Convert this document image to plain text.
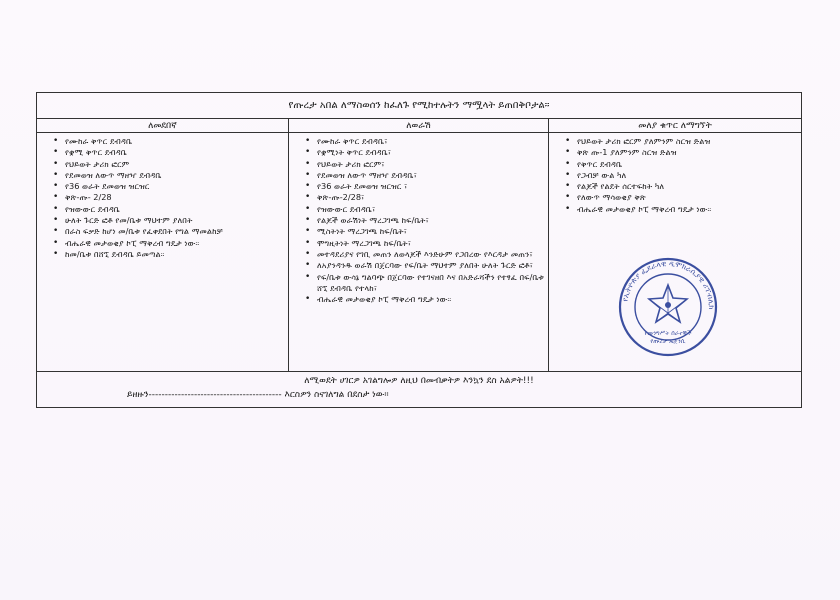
የጡረታ አበል ለማስወሰን ከፈለጉ የሚከተሉትን ማሟላት ይጠበቅቦታል።
ለመደበኛ
• የሙከራ ቅጥር ደብዳቤ
• የቋሚ ቅጥር ደብዳቤ
• የህይወት ታሪክ ፎርም
• የደመወዝ ለውጥ ማዘዣ ደብዳቤ
• የ36 ወራት ደመወዝ ዝርዝር
• ቅጽ-ጡ- 2/28
• የዝውውር ደብዳቤ
• ሁለት ጉርድ ፎቶ የመ/ቤቱ ማህተም ያለበት
• በራስ ፍቃድ ከሆነ መ/ቤቱ የፈቀደበት የግል ማመልከቻ
• ብሔራዊ መታወቂያ ኮፒ ማቅረብ ግዴታ ነው።
• ከመ/ቤቱ በሸኚ ደብዳቤ ይመጣል።
ለወራሽ
• የሙከራ ቅጥር ደብዳቤ፣
• የቋሚነት ቅጥር ደብዳቤ፣
• የህይወት ታሪክ ፎርም፣
• የደመወዝ ለውጥ ማዘዣ ደብዳቤ፣
• የ36 ወራት ደመወዝ ዝርዝር ፣
• ቅጽ-ጡ-2/28፣
• የዝውውር ደብዳቤ፣
• የልጆች ወራሽነት ማረጋገጫ ከፍ/ቤት፣
• ሚስትነት ማረጋገጫ ከፍ/ቤት፣
• ሞግዚትነት ማረጋገጫ ከፍ/ቤት፣
• መተዳደሪያና የገቢ መጠን ለወላጆች እንድሁም የጋበረው የእርዳታ መጠን፣
• ለአያንዳንዱ ወራሽ በጀርባው የፍ/ቤት ማህተም ያለበት ሁለት ጉርድ ፎቶ፣
• የፍ/ቤቱ ውሳኔ ግልባጭ በጀርባው የተገናዘበ እና በአድራሻችን የተፃፈ በፍ/ቤቱ ሸኚ ደብዳቤ የተላከ፣
• ብሔራዊ መታወቂያ ኮፒ ማቅረብ ግዴታ ነው።
መለያ ቁጥር ለማግኘት
• የህይወት ታሪክ ፎርም ያለምንም ስርዝ ድልዝ
• ቅጽ ጡ-1 ያለምንም ስርዝ ድልዝ
• የቅጥር ደብዳቤ
• የጋብቻ ውል ካለ
• የልጆች የልደት ሰርተፍከት ካለ
• የለውጥ ማሳወቂያ ቅጽ
• ብሔራዊ መታወቂያ ኮፒ ማቅረብ ግዴታ ነው።
ለሚወደት ሀገርዎ አገልግሎዎ ለዚህ በመብቃትዎ እንኳን ደስ አልዎት!!!
ይዘዙን----------------------------------------- እርስዎን ስናገለግል በደስታ ነው።
የኢትዮጵያ ፌደራላዊ ዲሞክራሲያዊ ሪፐብሊክ
የመንግሥት ሰራተኞች
የጡረታ ኤጀንሲ
